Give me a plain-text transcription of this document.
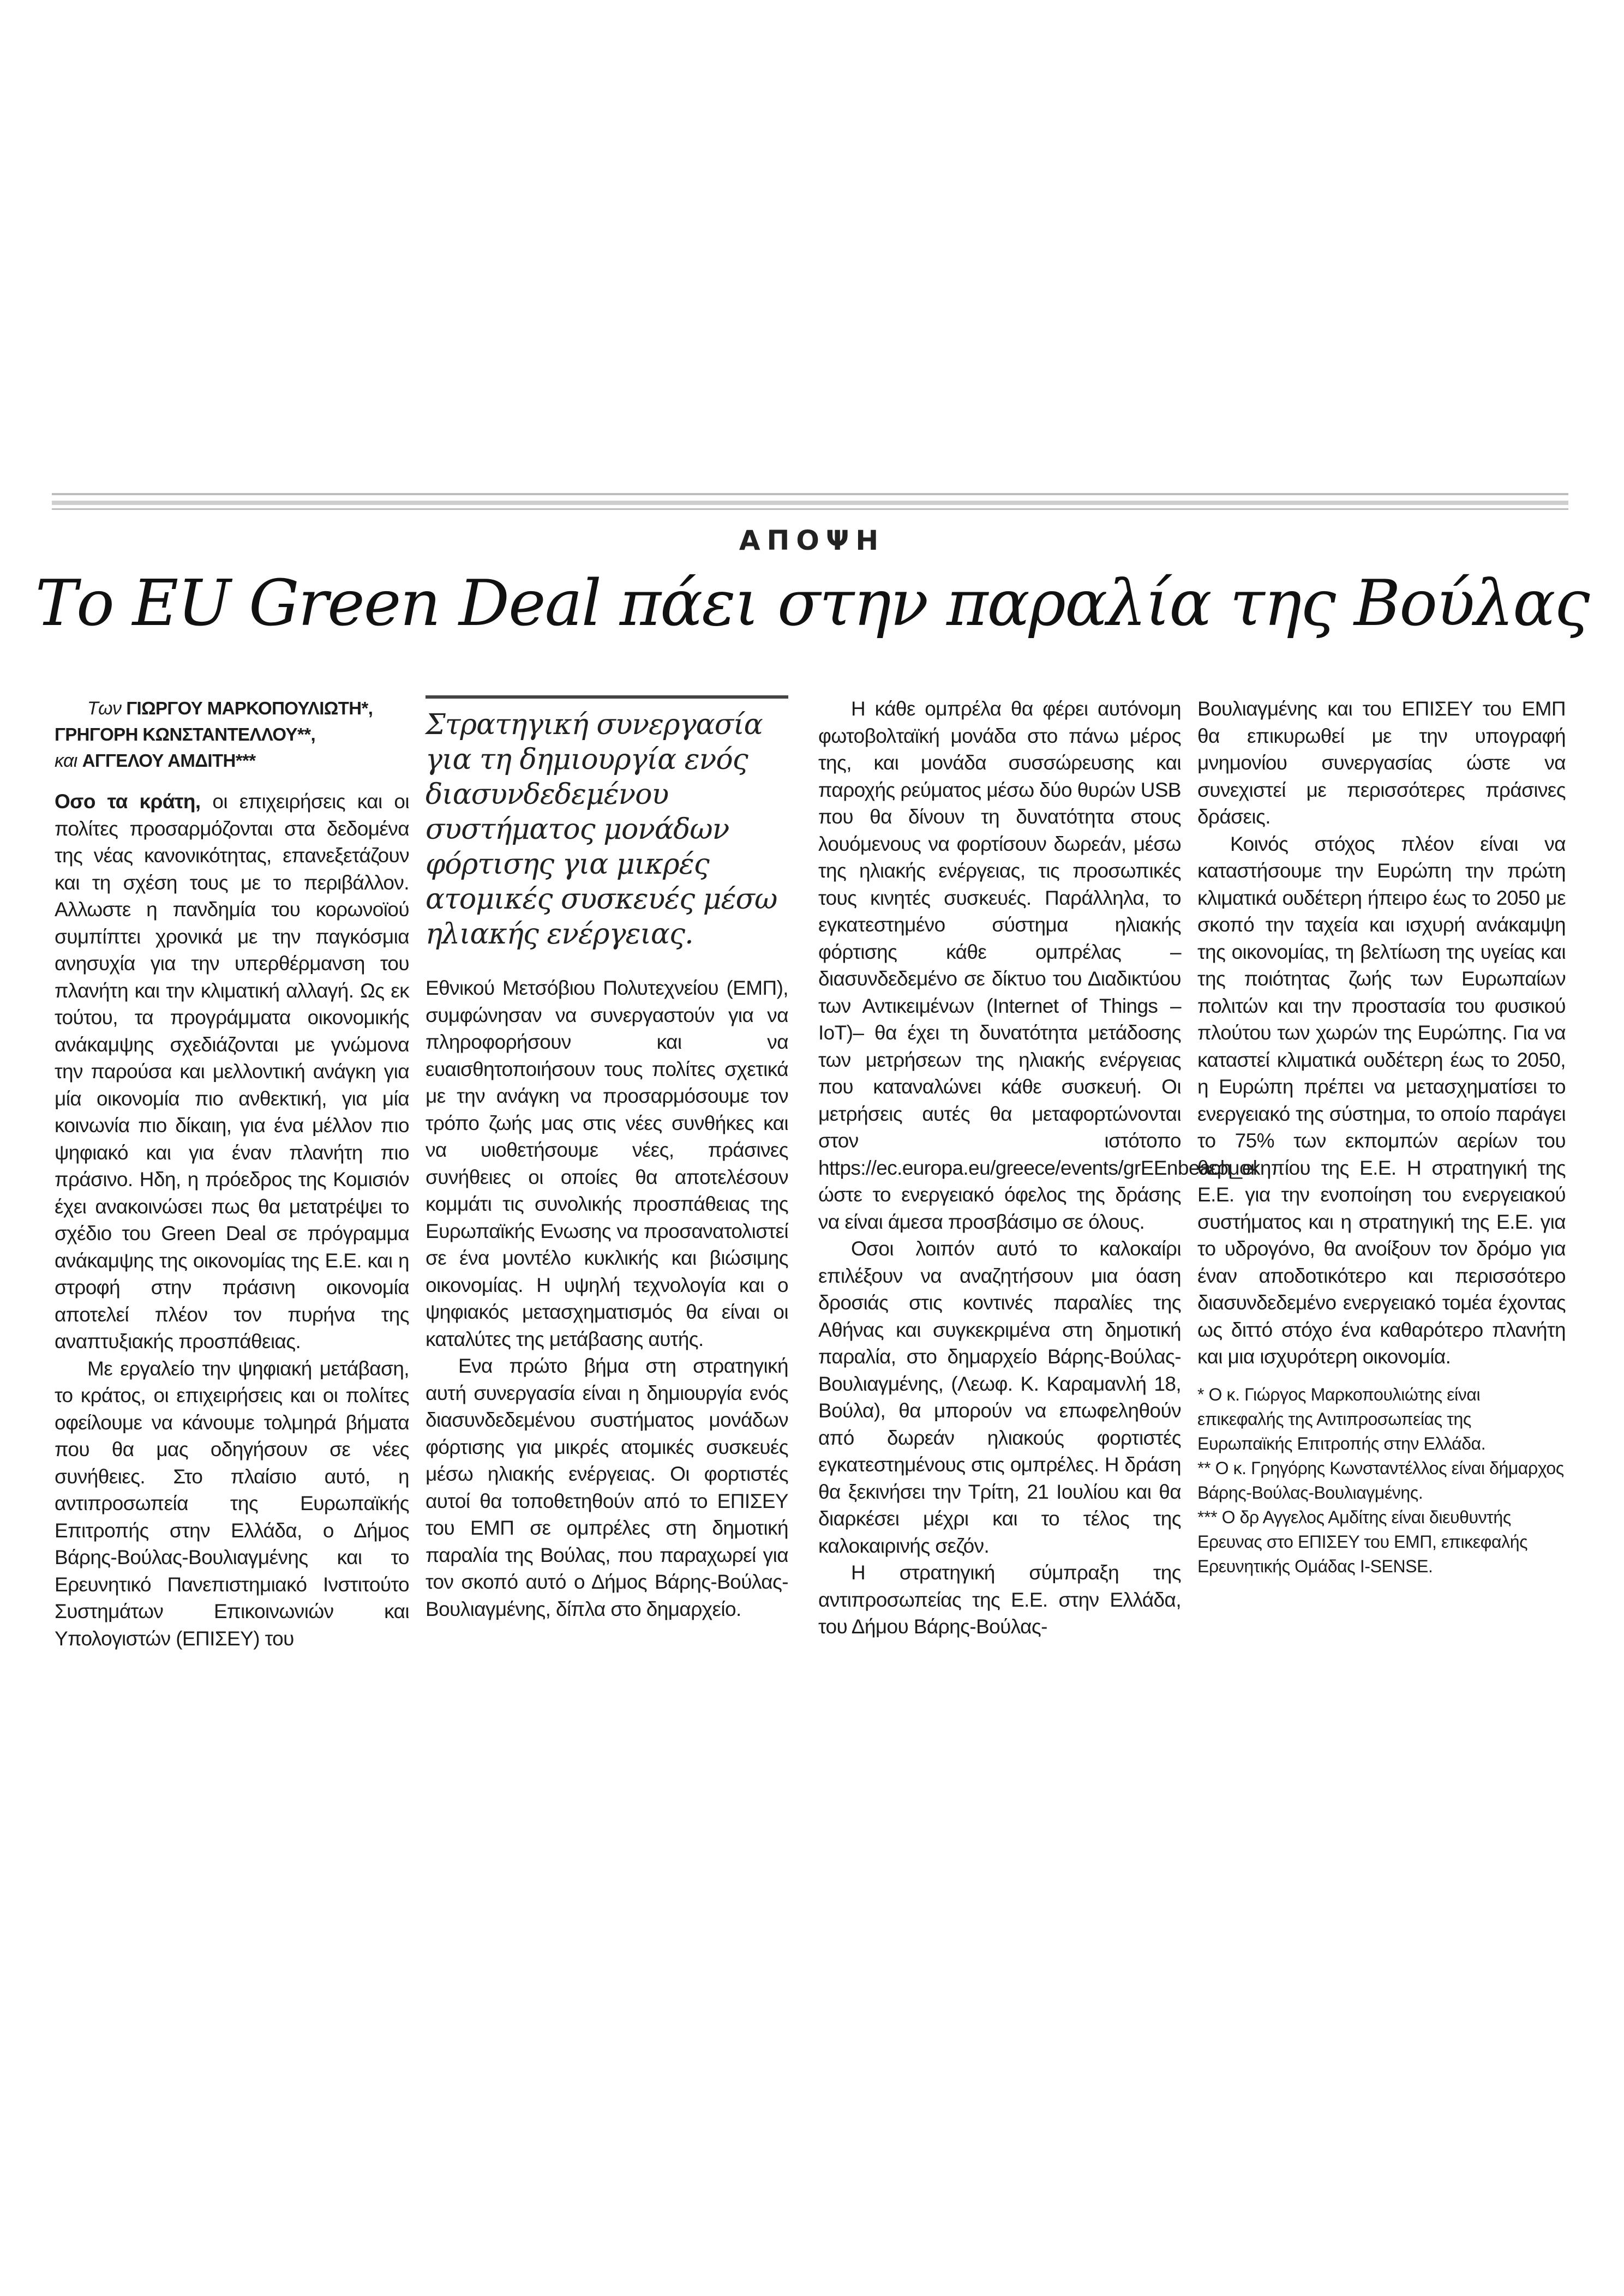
ΑΠΟΨΗ
Το EU Green Deal πάει στην παραλία της Βούλας
Των ΓΙΩΡΓΟΥ ΜΑΡΚΟΠΟΥΛΙΩΤΗ*,
ΓΡΗΓΟΡΗ ΚΩΝΣΤΑΝΤΕΛΛΟΥ**,
και ΑΓΓΕΛΟΥ ΑΜΔΙΤΗ***

Οσο τα κράτη, οι επιχειρήσεις και οι πολίτες προσαρμόζονται στα δεδομένα της νέας κανονικότητας, επανεξετάζουν και τη σχέση τους με το περιβάλλον. Αλλωστε η πανδημία του κορωνοϊού συμπίπτει χρονικά με την παγκόσμια ανησυχία για την υπερθέρμανση του πλανήτη και την κλιματική αλλαγή. Ως εκ τούτου, τα προγράμματα οικονομικής ανάκαμψης σχεδιάζονται με γνώμονα την παρούσα και μελλοντική ανάγκη για μία οικονομία πιο ανθεκτική, για μία κοινωνία πιο δίκαιη, για ένα μέλλον πιο ψηφιακό και για έναν πλανήτη πιο πράσινο. Ηδη, η πρόεδρος της Κομισιόν έχει ανακοινώσει πως θα μετατρέψει το σχέδιο του Green Deal σε πρόγραμμα ανάκαμψης της οικονομίας της Ε.Ε. και η στροφή στην πράσινη οικονομία αποτελεί πλέον τον πυρήνα της αναπτυξιακής προσπάθειας.

Με εργαλείο την ψηφιακή μετάβαση, το κράτος, οι επιχειρήσεις και οι πολίτες οφείλουμε να κάνουμε τολμηρά βήματα που θα μας οδηγήσουν σε νέες συνήθειες. Στο πλαίσιο αυτό, η αντιπροσωπεία της Ευρωπαϊκής Επιτροπής στην Ελλάδα, ο Δήμος Βάρης-Βούλας-Βουλιαγμένης και το Ερευνητικό Πανεπιστημιακό Ινστιτούτο Συστημάτων Επικοινωνιών και Υπολογιστών (ΕΠΙΣΕΥ) του

Στρατηγική συνεργασία για τη δημιουργία ενός διασυνδεδεμένου συστήματος μονάδων φόρτισης για μικρές ατομικές συσκευές μέσω ηλιακής ενέργειας.

Εθνικού Μετσόβιου Πολυτεχνείου (ΕΜΠ), συμφώνησαν να συνεργαστούν για να πληροφορήσουν και να ευαισθητοποιήσουν τους πολίτες σχετικά με την ανάγκη να προσαρμόσουμε τον τρόπο ζωής μας στις νέες συνθήκες και να υιοθετήσουμε νέες, πράσινες συνήθειες οι οποίες θα αποτελέσουν κομμάτι τις συνολικής προσπάθειας της Ευρωπαϊκής Ενωσης να προσανατολιστεί σε ένα μοντέλο κυκλικής και βιώσιμης οικονομίας. Η υψηλή τεχνολογία και ο ψηφιακός μετασχηματισμός θα είναι οι καταλύτες της μετάβασης αυτής.

Ενα πρώτο βήμα στη στρατηγική αυτή συνεργασία είναι η δημιουργία ενός διασυνδεδεμένου συστήματος μονάδων φόρτισης για μικρές ατομικές συσκευές μέσω ηλιακής ενέργειας. Οι φορτιστές αυτοί θα τοποθετηθούν από το ΕΠΙΣΕΥ του ΕΜΠ σε ομπρέλες στη δημοτική παραλία της Βούλας, που παραχωρεί για τον σκοπό αυτό ο Δήμος Βάρης-Βούλας-Βουλιαγμένης, δίπλα στο δημαρχείο.

Η κάθε ομπρέλα θα φέρει αυτόνομη φωτοβολταϊκή μονάδα στο πάνω μέρος της, και μονάδα συσσώρευσης και παροχής ρεύματος μέσω δύο θυρών USB που θα δίνουν τη δυνατότητα στους λουόμενους να φορτίσουν δωρεάν, μέσω της ηλιακής ενέργειας, τις προσωπικές τους κινητές συσκευές. Παράλληλα, το εγκατεστημένο σύστημα ηλιακής φόρτισης κάθε ομπρέλας – διασυνδεδεμένο σε δίκτυο του Διαδικτύου των Αντικειμένων (Internet of Things – IoT)– θα έχει τη δυνατότητα μετάδοσης των μετρήσεων της ηλιακής ενέργειας που καταναλώνει κάθε συσκευή. Οι μετρήσεις αυτές θα μεταφορτώνονται στον ιστότοπο https://ec.europa.eu/greece/events/grEEnbeach_el ώστε το ενεργειακό όφελος της δράσης να είναι άμεσα προσβάσιμο σε όλους.

Οσοι λοιπόν αυτό το καλοκαίρι επιλέξουν να αναζητήσουν μια όαση δροσιάς στις κοντινές παραλίες της Αθήνας και συγκεκριμένα στη δημοτική παραλία, στο δημαρχείο Βάρης-Βούλας-Βουλιαγμένης, (Λεωφ. Κ. Καραμανλή 18, Βούλα), θα μπορούν να επωφεληθούν από δωρεάν ηλιακούς φορτιστές εγκατεστημένους στις ομπρέλες. Η δράση θα ξεκινήσει την Τρίτη, 21 Ιουλίου και θα διαρκέσει μέχρι και το τέλος της καλοκαιρινής σεζόν.

Η στρατηγική σύμπραξη της αντιπροσωπείας της Ε.Ε. στην Ελλάδα, του Δήμου Βάρης-Βούλας-

Βουλιαγμένης και του ΕΠΙΣΕΥ του ΕΜΠ θα επικυρωθεί με την υπογραφή μνημονίου συνεργασίας ώστε να συνεχιστεί με περισσότερες πράσινες δράσεις.

Κοινός στόχος πλέον είναι να καταστήσουμε την Ευρώπη την πρώτη κλιματικά ουδέτερη ήπειρο έως το 2050 με σκοπό την ταχεία και ισχυρή ανάκαμψη της οικονομίας, τη βελτίωση της υγείας και της ποιότητας ζωής των Ευρωπαίων πολιτών και την προστασία του φυσικού πλούτου των χωρών της Ευρώπης. Για να καταστεί κλιματικά ουδέτερη έως το 2050, η Ευρώπη πρέπει να μετασχηματίσει το ενεργειακό της σύστημα, το οποίο παράγει το 75% των εκπομπών αερίων του θερμοκηπίου της Ε.Ε. Η στρατηγική της Ε.Ε. για την ενοποίηση του ενεργειακού συστήματος και η στρατηγική της Ε.Ε. για το υδρογόνο, θα ανοίξουν τον δρόμο για έναν αποδοτικότερο και περισσότερο διασυνδεδεμένο ενεργειακό τομέα έχοντας ως διττό στόχο ένα καθαρότερο πλανήτη και μια ισχυρότερη οικονομία.

* Ο κ. Γιώργος Μαρκοπουλιώτης είναι επικεφαλής της Αντιπροσωπείας της Ευρωπαϊκής Επιτροπής στην Ελλάδα.
** Ο κ. Γρηγόρης Κωνσταντέλλος είναι δήμαρχος Βάρης-Βούλας-Βουλιαγμένης.
*** Ο δρ Αγγελος Αμδίτης είναι διευθυντής Ερευνας στο ΕΠΙΣΕΥ του ΕΜΠ, επικεφαλής Ερευνητικής Ομάδας I-SENSE.
